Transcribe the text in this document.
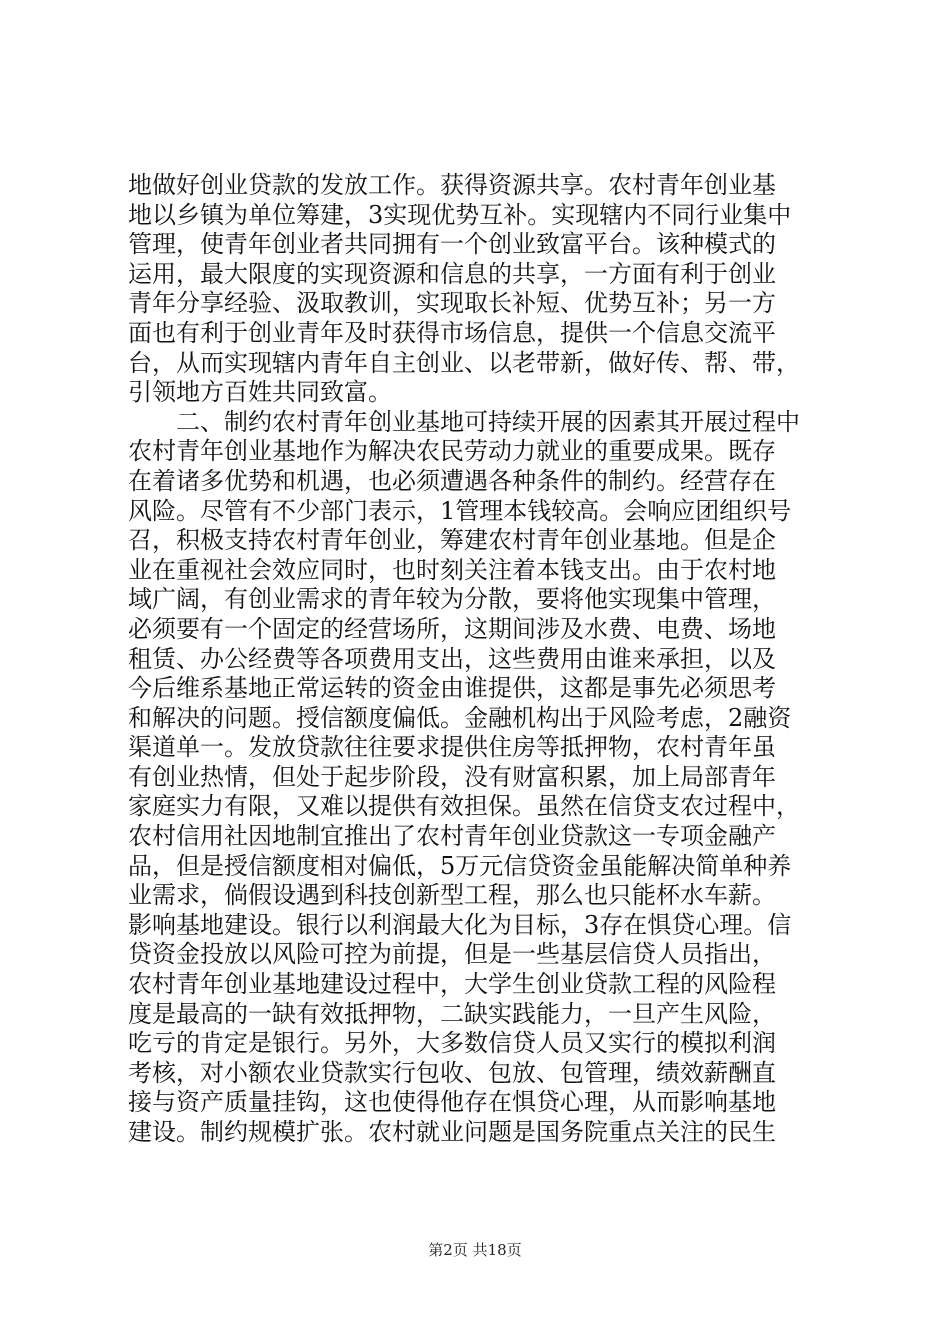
地做好创业贷款的发放工作。获得资源共享。农村青年创业基
地以乡镇为单位筹建，3实现优势互补。实现辖内不同行业集中
管理，使青年创业者共同拥有一个创业致富平台。该种模式的
运用，最大限度的实现资源和信息的共享，一方面有利于创业
青年分享经验、汲取教训，实现取长补短、优势互补；另一方
面也有利于创业青年及时获得市场信息，提供一个信息交流平
台，从而实现辖内青年自主创业、以老带新，做好传、帮、带，
引领地方百姓共同致富。
二、制约农村青年创业基地可持续开展的因素其开展过程中
农村青年创业基地作为解决农民劳动力就业的重要成果。既存
在着诸多优势和机遇，也必须遭遇各种条件的制约。经营存在
风险。尽管有不少部门表示，1管理本钱较高。会响应团组织号
召，积极支持农村青年创业，筹建农村青年创业基地。但是企
业在重视社会效应同时，也时刻关注着本钱支出。由于农村地
域广阔，有创业需求的青年较为分散，要将他实现集中管理，
必须要有一个固定的经营场所，这期间涉及水费、电费、场地
租赁、办公经费等各项费用支出，这些费用由谁来承担，以及
今后维系基地正常运转的资金由谁提供，这都是事先必须思考
和解决的问题。授信额度偏低。金融机构出于风险考虑，2融资
渠道单一。发放贷款往往要求提供住房等抵押物，农村青年虽
有创业热情，但处于起步阶段，没有财富积累，加上局部青年
家庭实力有限，又难以提供有效担保。虽然在信贷支农过程中，
农村信用社因地制宜推出了农村青年创业贷款这一专项金融产
品，但是授信额度相对偏低，5万元信贷资金虽能解决简单种养
业需求，倘假设遇到科技创新型工程，那么也只能杯水车薪。
影响基地建设。银行以利润最大化为目标，3存在惧贷心理。信
贷资金投放以风险可控为前提，但是一些基层信贷人员指出，
农村青年创业基地建设过程中，大学生创业贷款工程的风险程
度是最高的一缺有效抵押物，二缺实践能力，一旦产生风险，
吃亏的肯定是银行。另外，大多数信贷人员又实行的模拟利润
考核，对小额农业贷款实行包收、包放、包管理，绩效薪酬直
接与资产质量挂钩，这也使得他存在惧贷心理，从而影响基地
建设。制约规模扩张。农村就业问题是国务院重点关注的民生
第2页 共18页
